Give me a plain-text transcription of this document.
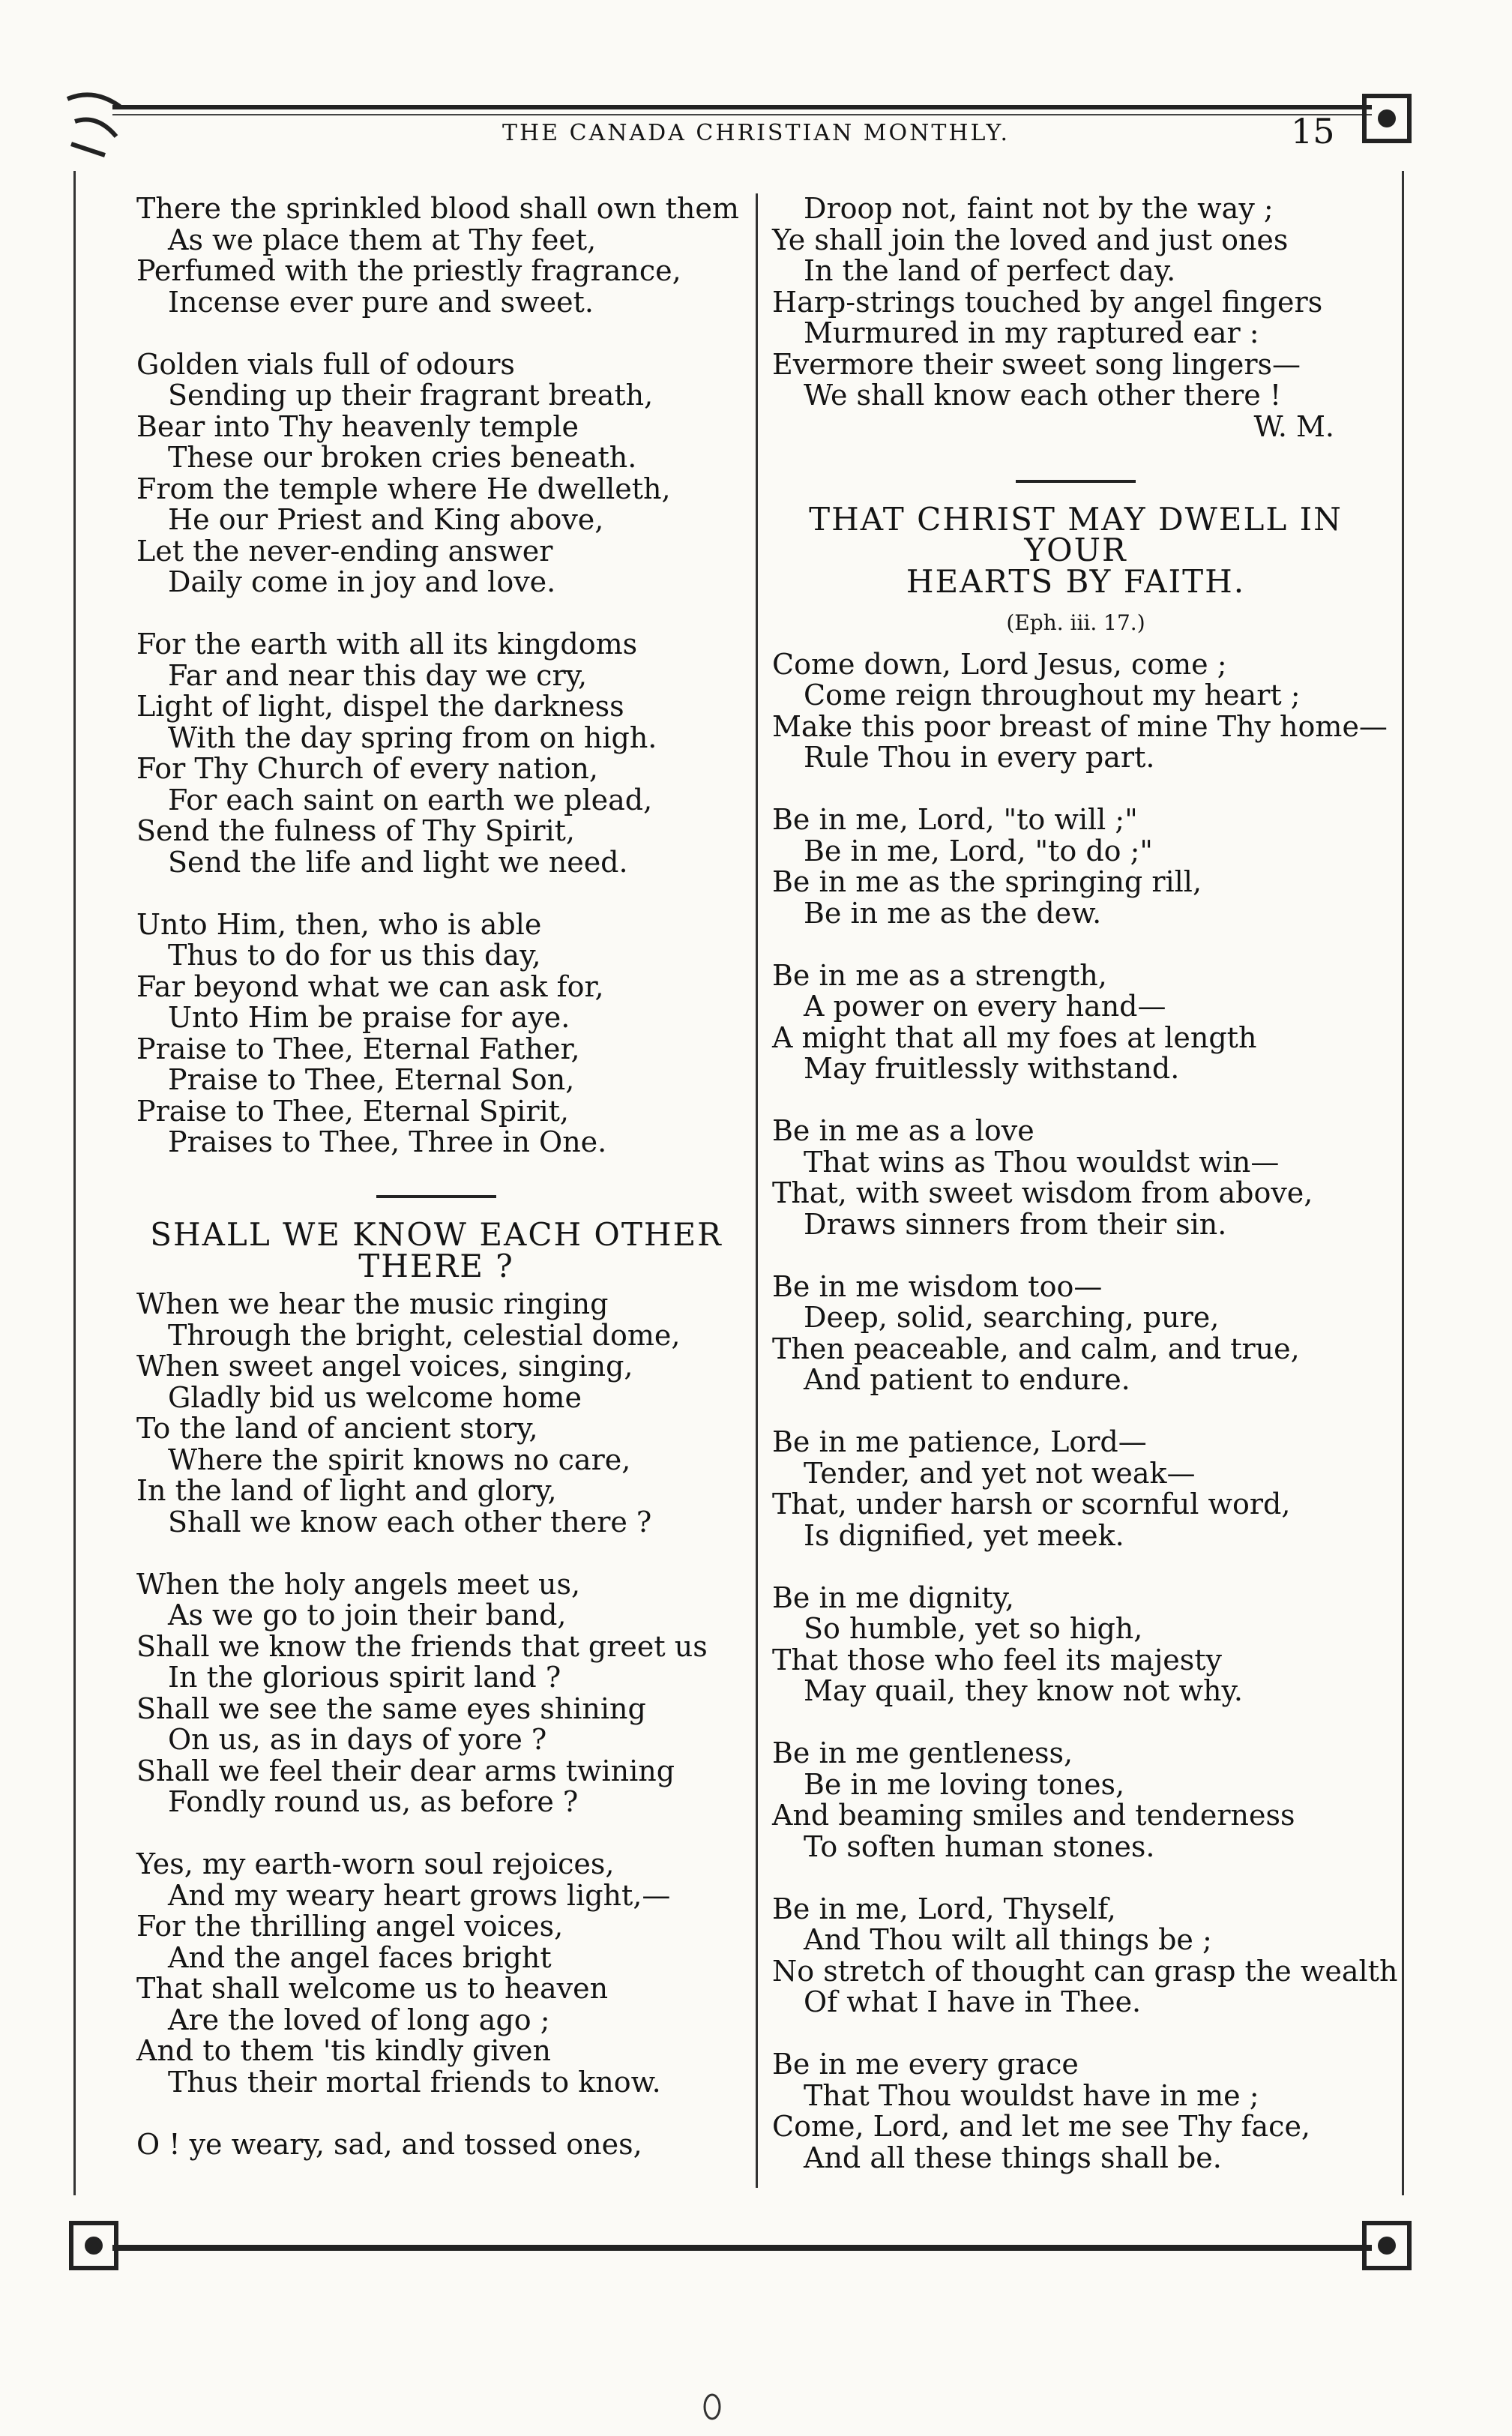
THE CANADA CHRISTIAN MONTHLY.	15
There the sprinkled blood shall own them
As we place them at Thy feet,
Perfumed with the priestly fragrance,
Incense ever pure and sweet.
Golden vials full of odours
Sending up their fragrant breath,
Bear into Thy heavenly temple
These our broken cries beneath.
From the temple where He dwelleth,
He our Priest and King above,
Let the never-ending answer
Daily come in joy and love.
For the earth with all its kingdoms
Far and near this day we cry,
Light of light, dispel the darkness
With the day spring from on high.
For Thy Church of every nation,
For each saint on earth we plead,
Send the fulness of Thy Spirit,
Send the life and light we need.
Unto Him, then, who is able
Thus to do for us this day,
Far beyond what we can ask for,
Unto Him be praise for aye.
Praise to Thee, Eternal Father,
Praise to Thee, Eternal Son,
Praise to Thee, Eternal Spirit,
Praises to Thee, Three in One.
SHALL WE KNOW EACH OTHER
THERE ?
When we hear the music ringing
Through the bright, celestial dome,
When sweet angel voices, singing,
Gladly bid us welcome home
To the land of ancient story,
Where the spirit knows no care,
In the land of light and glory,
Shall we know each other there ?
When the holy angels meet us,
As we go to join their band,
Shall we know the friends that greet us
In the glorious spirit land ?
Shall we see the same eyes shining
On us, as in days of yore ?
Shall we feel their dear arms twining
Fondly round us, as before ?
Yes, my earth-worn soul rejoices,
And my weary heart grows light,—
For the thrilling angel voices,
And the angel faces bright
That shall welcome us to heaven
Are the loved of long ago ;
And to them 'tis kindly given
Thus their mortal friends to know.
O ! ye weary, sad, and tossed ones,
Droop not, faint not by the way ;
Ye shall join the loved and just ones
In the land of perfect day.
Harp-strings touched by angel fingers
Murmured in my raptured ear :
Evermore their sweet song lingers—
We shall know each other there !
W. M.
THAT CHRIST MAY DWELL IN YOUR
HEARTS BY FAITH.
(Eph. iii. 17.)
Come down, Lord Jesus, come ;
Come reign throughout my heart ;
Make this poor breast of mine Thy home—
Rule Thou in every part.
Be in me, Lord, "to will ;"
Be in me, Lord, "to do ;"
Be in me as the springing rill,
Be in me as the dew.
Be in me as a strength,
A power on every hand—
A might that all my foes at length
May fruitlessly withstand.
Be in me as a love
That wins as Thou wouldst win—
That, with sweet wisdom from above,
Draws sinners from their sin.
Be in me wisdom too—
Deep, solid, searching, pure,
Then peaceable, and calm, and true,
And patient to endure.
Be in me patience, Lord—
Tender, and yet not weak—
That, under harsh or scornful word,
Is dignified, yet meek.
Be in me dignity,
So humble, yet so high,
That those who feel its majesty
May quail, they know not why.
Be in me gentleness,
Be in me loving tones,
And beaming smiles and tenderness
To soften human stones.
Be in me, Lord, Thyself,
And Thou wilt all things be ;
No stretch of thought can grasp the wealth
Of what I have in Thee.
Be in me every grace
That Thou wouldst have in me ;
Come, Lord, and let me see Thy face,
And all these things shall be.
